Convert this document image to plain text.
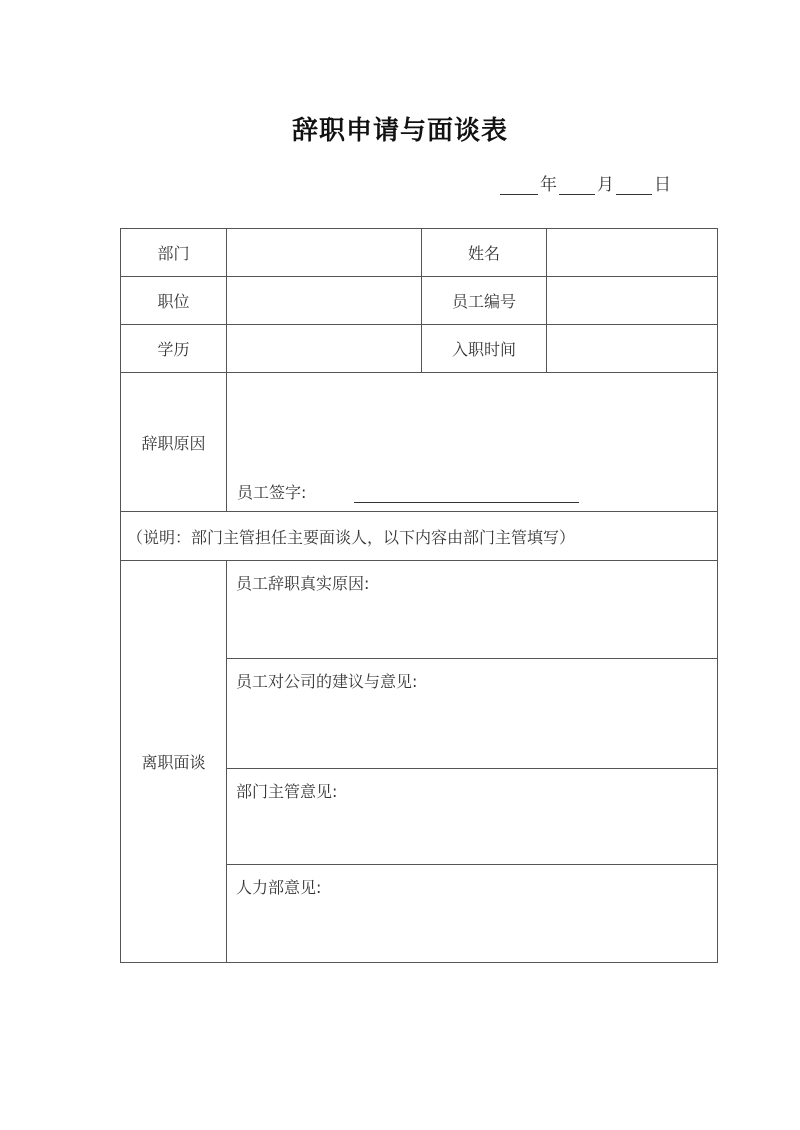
辞职申请与面谈表
年 月 日
部门		姓名	
职位		员工编号	
学历		入职时间	
辞职原因	员工签字:		

（说明：部门主管担任主要面谈人，以下内容由部门主管填写）			
离职面谈	员工辞职真实原因:		
	员工对公司的建议与意见:		
	部门主管意见:		
	人力部意见:		
